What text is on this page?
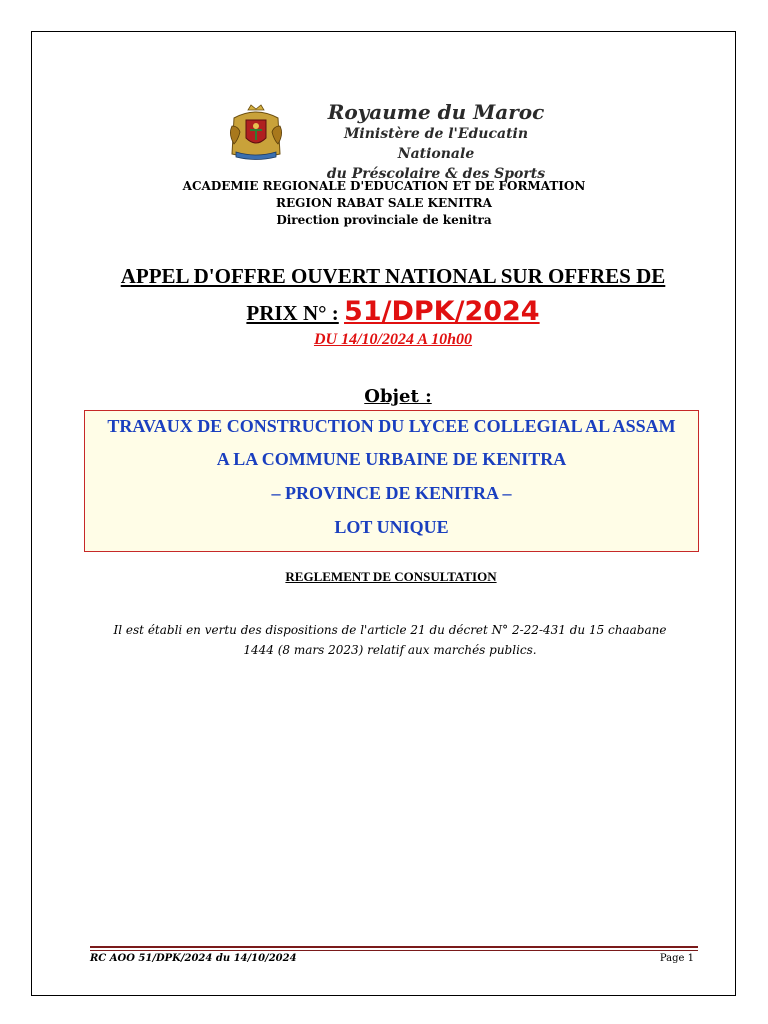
Royaume du Maroc
Ministère de l'Educatin Nationale
du Préscolaire & des Sports
ACADEMIE REGIONALE D'EDUCATION ET DE FORMATION
REGION RABAT SALE KENITRA
Direction provinciale de kenitra
APPEL D'OFFRE OUVERT NATIONAL SUR OFFRES DE
PRIX N° : 51/DPK/2024
DU 14/10/2024 A 10h00
Objet :
TRAVAUX DE CONSTRUCTION DU LYCEE COLLEGIAL AL ASSAM
A LA COMMUNE URBAINE DE KENITRA
– PROVINCE DE KENITRA –
LOT UNIQUE
REGLEMENT DE CONSULTATION
Il est établi en vertu des dispositions de l'article 21 du décret N° 2-22-431 du 15 chaabane
1444 (8 mars 2023) relatif aux marchés publics.
RC AOO 51/DPK/2024 du 14/10/2024	Page 1
